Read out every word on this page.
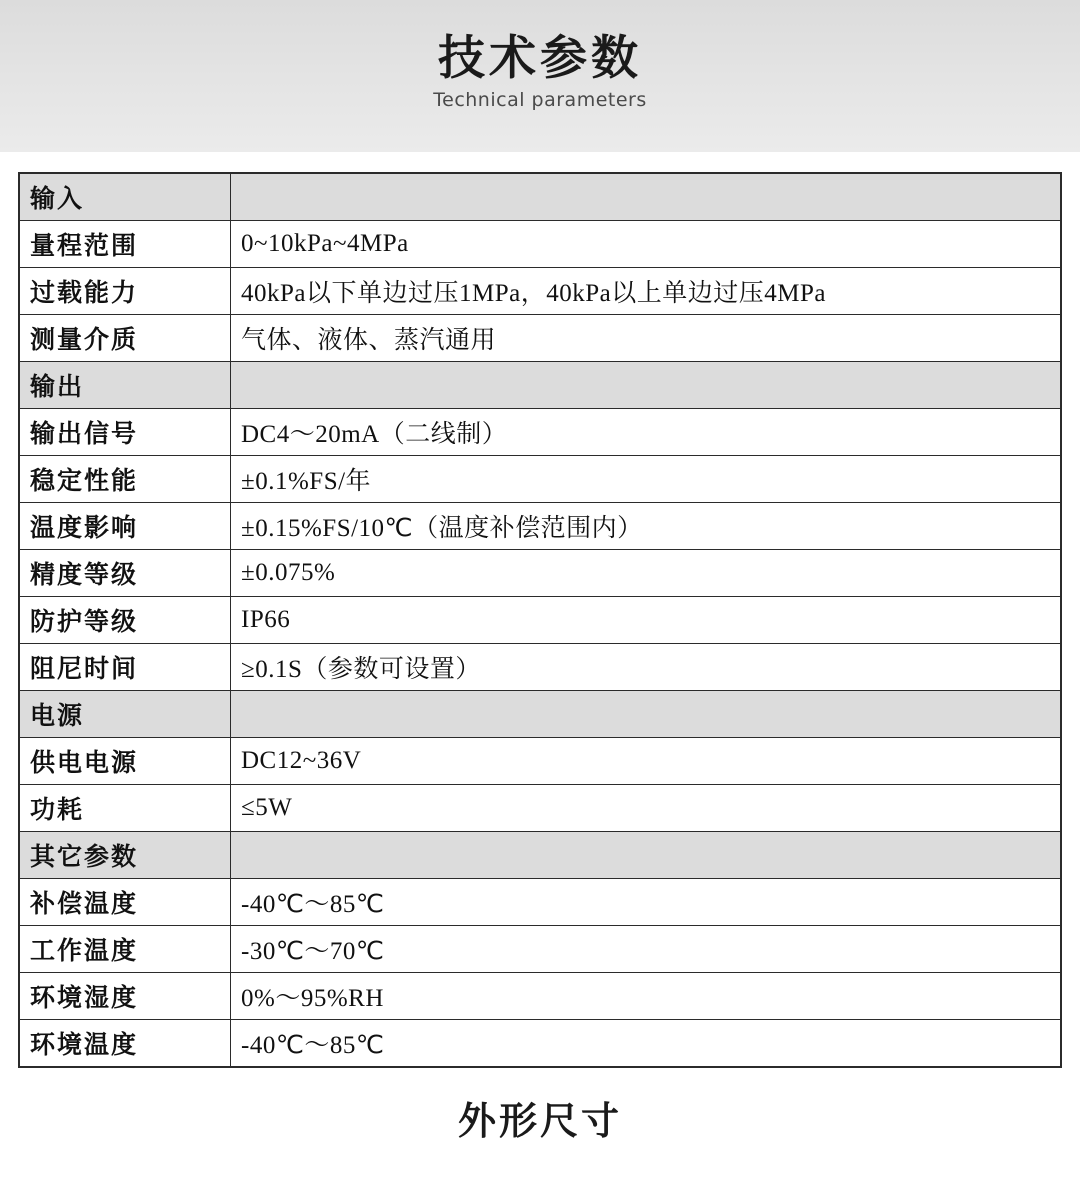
技术参数
Technical parameters
输入	
量程范围	0~10kPa~4MPa
过载能力	40kPa以下单边过压1MPa，40kPa以上单边过压4MPa
测量介质	气体、液体、蒸汽通用
输出	
输出信号	DC4～20mA（二线制）
稳定性能	±0.1%FS/年
温度影响	±0.15%FS/10℃（温度补偿范围内）
精度等级	±0.075%
防护等级	IP66
阻尼时间	≥0.1S（参数可设置）
电源	
供电电源	DC12~36V
功耗	≤5W
其它参数	
补偿温度	-40℃～85℃
工作温度	-30℃～70℃
环境湿度	0%～95%RH
环境温度	-40℃～85℃
外形尺寸
